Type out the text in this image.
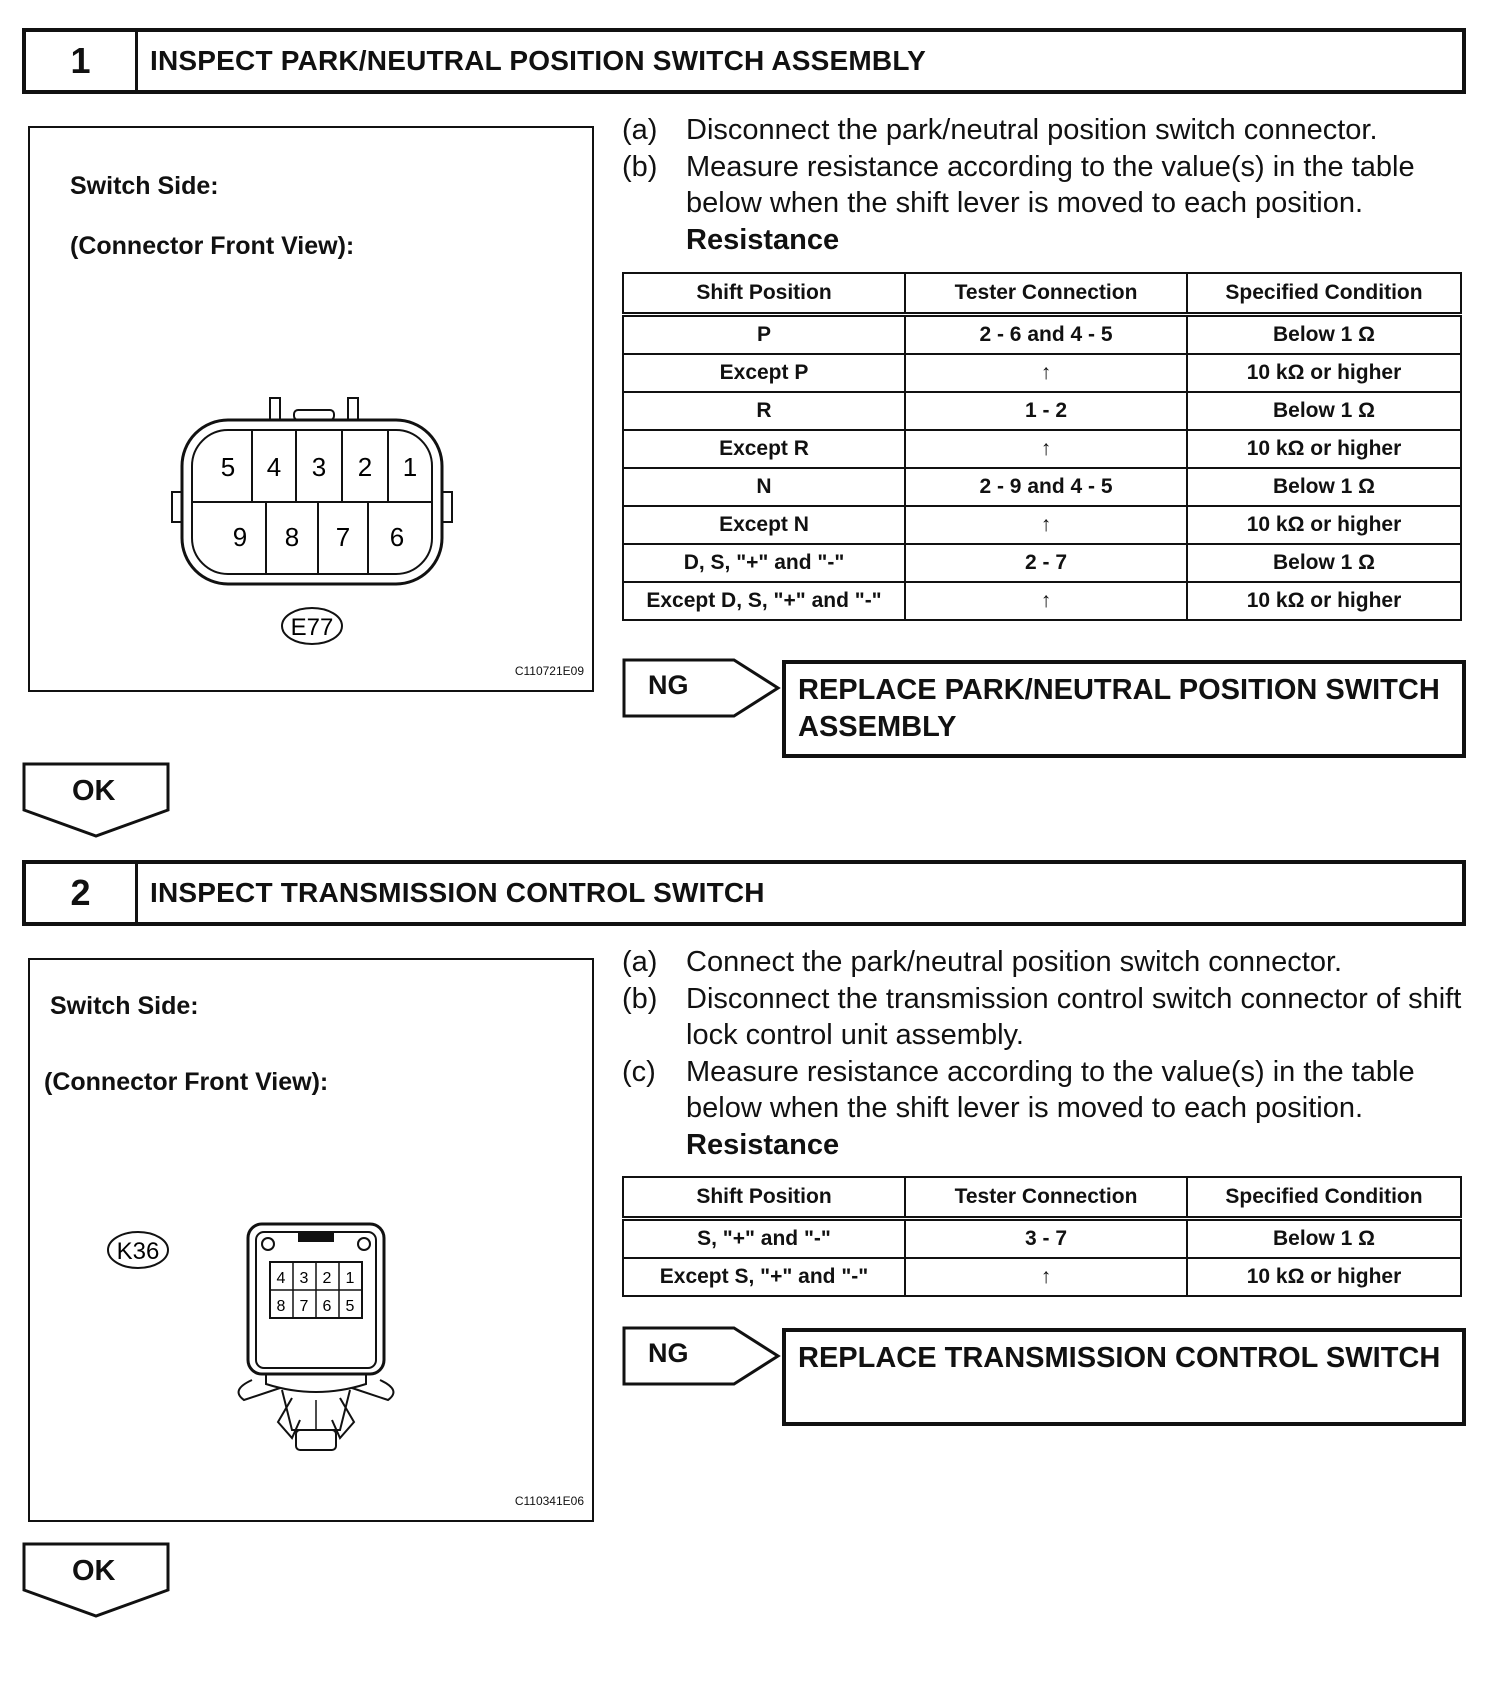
1	INSPECT PARK/NEUTRAL POSITION SWITCH ASSEMBLY
Switch Side:
(Connector Front View):
5 4 3 2 1
9 8 7 6
E77
C110721E09
(a) Disconnect the park/neutral position switch connector.
(b) Measure resistance according to the value(s) in the table below when the shift lever is moved to each position.
Resistance
Shift Position	Tester Connection	Specified Condition
P	2 - 6 and 4 - 5	Below 1 Ω
Except P	↑	10 kΩ or higher
R	1 - 2	Below 1 Ω
Except R	↑	10 kΩ or higher
N	2 - 9 and 4 - 5	Below 1 Ω
Except N	↑	10 kΩ or higher
D, S, "+" and "-"	2 - 7	Below 1 Ω
Except D, S, "+" and "-"	↑	10 kΩ or higher
NG	REPLACE PARK/NEUTRAL POSITION SWITCH ASSEMBLY
OK
2	INSPECT TRANSMISSION CONTROL SWITCH
Switch Side:
(Connector Front View):
K36
4 3 2 1
8 7 6 5
C110341E06
(a) Connect the park/neutral position switch connector.
(b) Disconnect the transmission control switch connector of shift lock control unit assembly.
(c)	Measure resistance according to the value(s) in the table below when the shift lever is moved to each position.
Resistance
Shift Position	Tester Connection	Specified Condition
S, "+" and "-"	3 - 7	Below 1 Ω
Except S, "+" and "-"	↑	10 kΩ or higher
NG	REPLACE TRANSMISSION CONTROL SWITCH
OK
